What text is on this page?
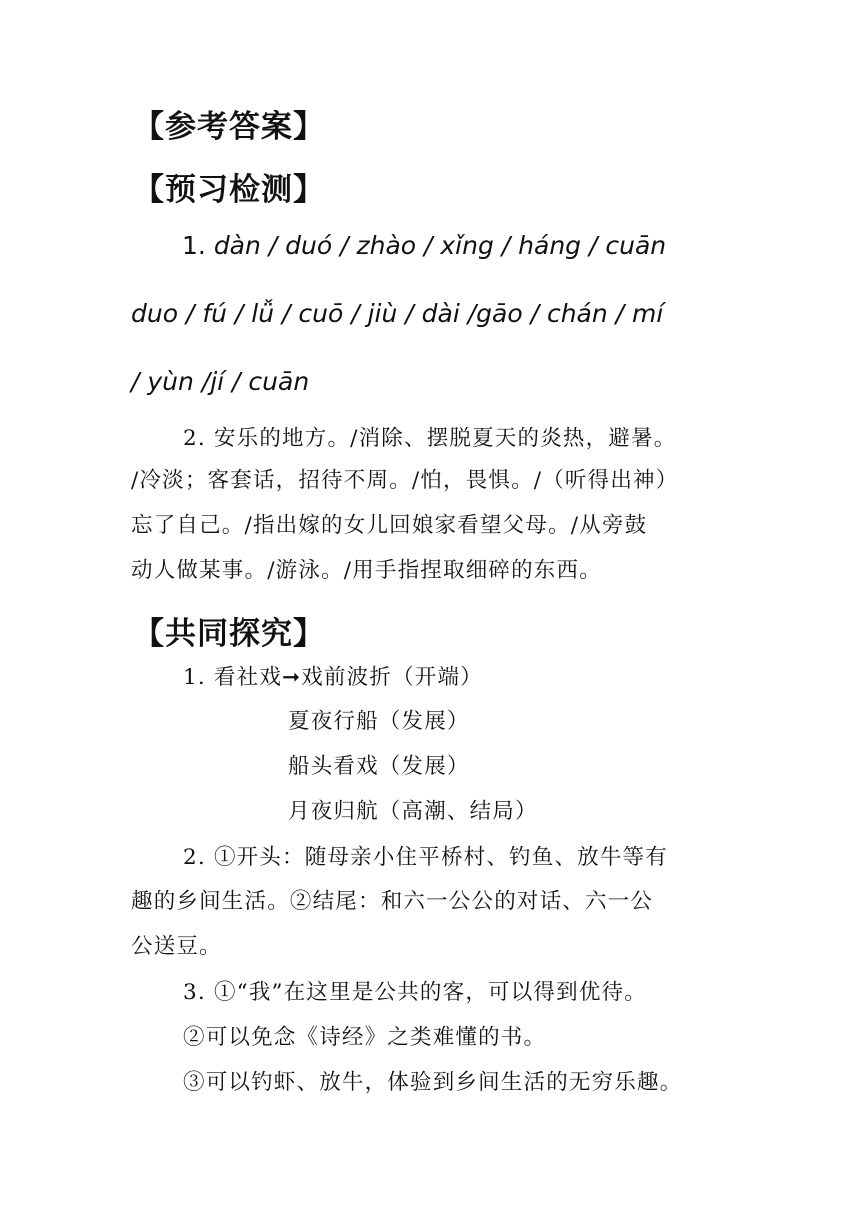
【参考答案】
【预习检测】
1. dàn / duó / zhào / xǐng / háng / cuān
duo / fú / lǚ / cuō / jiù / dài /gāo / chán / mí
/ yùn /jí / cuān
2. 安乐的地方。/消除、摆脱夏天的炎热，避暑。
/冷淡；客套话，招待不周。/怕，畏惧。/（听得出神）
忘了自己。/指出嫁的女儿回娘家看望父母。/从旁鼓
动人做某事。/游泳。/用手指捏取细碎的东西。
【共同探究】
1. 看社戏➞戏前波折（开端）
夏夜行船（发展）
船头看戏（发展）
月夜归航（高潮、结局）
2. ①开头：随母亲小住平桥村、钓鱼、放牛等有
趣的乡间生活。②结尾：和六一公公的对话、六一公
公送豆。
3. ①“我”在这里是公共的客，可以得到优待。
②可以免念《诗经》之类难懂的书。
③可以钓虾、放牛，体验到乡间生活的无穷乐趣。
